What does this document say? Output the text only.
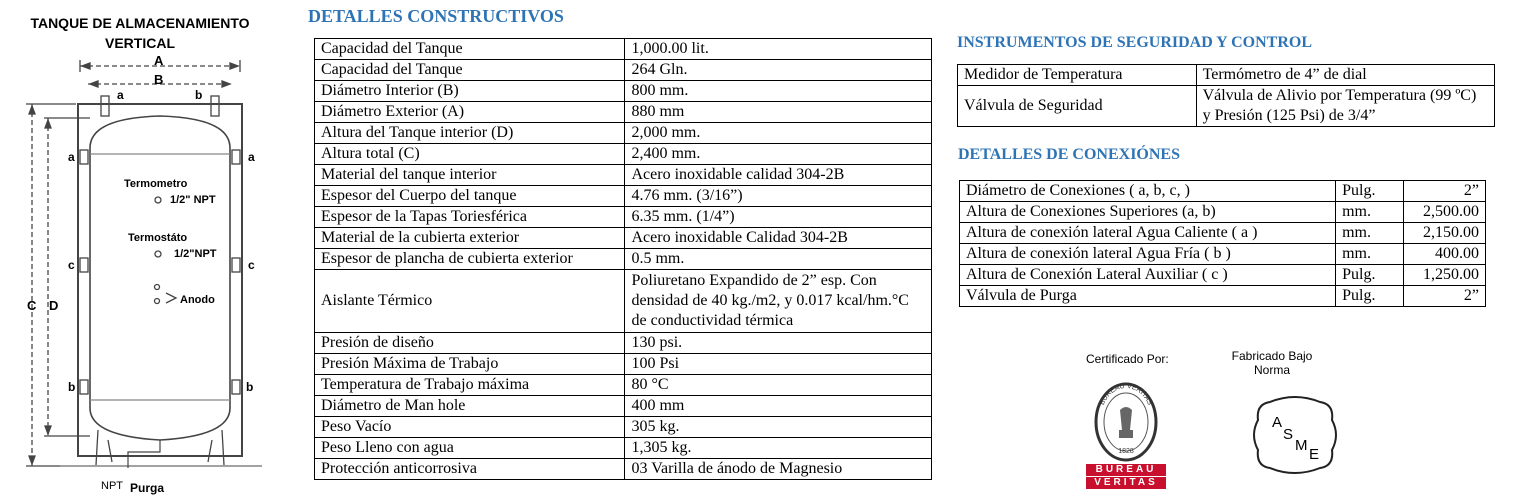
TANQUE DE ALMACENAMIENTO
VERTICAL
A
B
C D
a	b
a	a
c	c
b	b
Termometro
1/2" NPT
Termostáto
1/2"NPT
Anodo
NPT Purga
DETALLES CONSTRUCTIVOS
Capacidad del Tanque	1,000.00 lit.
Capacidad del Tanque	264 Gln.
Diámetro Interior (B)	800 mm.
Diámetro Exterior (A)	880 mm
Altura del Tanque interior (D)	2,000 mm.
Altura total (C)	2,400 mm.
Material del tanque interior	Acero inoxidable calidad 304-2B
Espesor del Cuerpo del tanque	4.76 mm. (3/16”)
Espesor de la Tapas Toriesférica	6.35 mm. (1/4”)
Material de la cubierta exterior	Acero inoxidable Calidad 304-2B
Espesor de plancha de cubierta exterior	0.5 mm.
Aislante Térmico	Poliuretano Expandido de 2” esp. Con densidad de 40 kg./m2, y 0.017 kcal/hm.°C de conductividad térmica
Presión de diseño	130 psi.
Presión Máxima de Trabajo	100 Psi
Temperatura de Trabajo máxima	80 °C
Diámetro de Man hole	400 mm
Peso Vacío	305 kg.
Peso Lleno con agua	1,305 kg.
Protección anticorrosiva	03 Varilla de ánodo de Magnesio
INSTRUMENTOS DE SEGURIDAD Y CONTROL
Medidor de Temperatura	Termómetro de 4” de dial
Válvula de Seguridad	Válvula de Alivio por Temperatura (99 ºC) y Presión (125 Psi) de 3/4”
DETALLES DE CONEXIÓNES
Diámetro de Conexiones ( a, b, c, )	Pulg.	2”
Altura de Conexiones Superiores (a, b)	mm.	2,500.00
Altura de conexión lateral Agua Caliente ( a )	mm.	2,150.00
Altura de conexión lateral Agua Fría ( b )	mm.	400.00
Altura de Conexión Lateral Auxiliar ( c )	Pulg.	1,250.00
Válvula de Purga	Pulg.	2”
Certificado Por:
BUREAU VERITAS
1828
BUREAU
VERITAS
Fabricado Bajo
Norma
A
S
M
E
